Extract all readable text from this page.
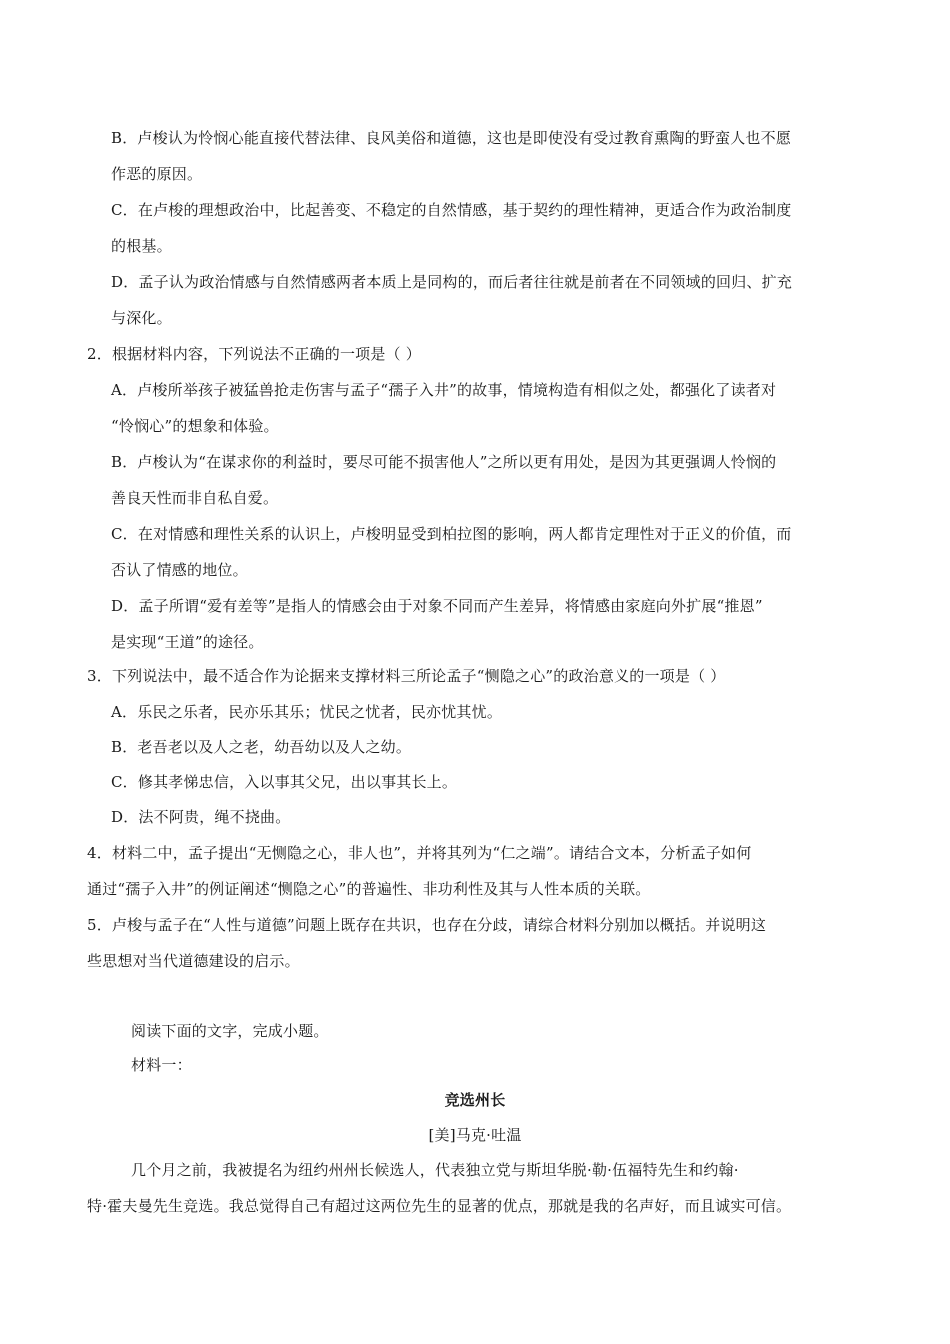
B．卢梭认为怜悯心能直接代替法律、良风美俗和道德，这也是即使没有受过教育熏陶的野蛮人也不愿
作恶的原因。
C．在卢梭的理想政治中，比起善变、不稳定的自然情感，基于契约的理性精神，更适合作为政治制度
的根基。
D．孟子认为政治情感与自然情感两者本质上是同构的，而后者往往就是前者在不同领域的回归、扩充
与深化。
2．根据材料内容，下列说法不正确的一项是（ ）
A．卢梭所举孩子被猛兽抢走伤害与孟子“孺子入井”的故事，情境构造有相似之处，都强化了读者对
“怜悯心”的想象和体验。
B．卢梭认为“在谋求你的利益时，要尽可能不损害他人”之所以更有用处，是因为其更强调人怜悯的
善良天性而非自私自爱。
C．在对情感和理性关系的认识上，卢梭明显受到柏拉图的影响，两人都肯定理性对于正义的价值，而
否认了情感的地位。
D．孟子所谓“爱有差等”是指人的情感会由于对象不同而产生差异，将情感由家庭向外扩展“推恩”
是实现“王道”的途径。
3．下列说法中，最不适合作为论据来支撑材料三所论孟子“恻隐之心”的政治意义的一项是（ ）
A．乐民之乐者，民亦乐其乐；忧民之忧者，民亦忧其忧。
B．老吾老以及人之老，幼吾幼以及人之幼。
C．修其孝悌忠信，入以事其父兄，出以事其长上。
D．法不阿贵，绳不挠曲。
4．材料二中，孟子提出“无恻隐之心，非人也”，并将其列为“仁之端”。请结合文本，分析孟子如何
通过“孺子入井”的例证阐述“恻隐之心”的普遍性、非功利性及其与人性本质的关联。
5．卢梭与孟子在“人性与道德”问题上既存在共识，也存在分歧，请综合材料分别加以概括。并说明这
些思想对当代道德建设的启示。
阅读下面的文字，完成小题。
材料一：
竞选州长
[美]马克·吐温
几个月之前，我被提名为纽约州州长候选人，代表独立党与斯坦华脱·勒·伍福特先生和约翰·
特·霍夫曼先生竞选。我总觉得自己有超过这两位先生的显著的优点，那就是我的名声好，而且诚实可信。
